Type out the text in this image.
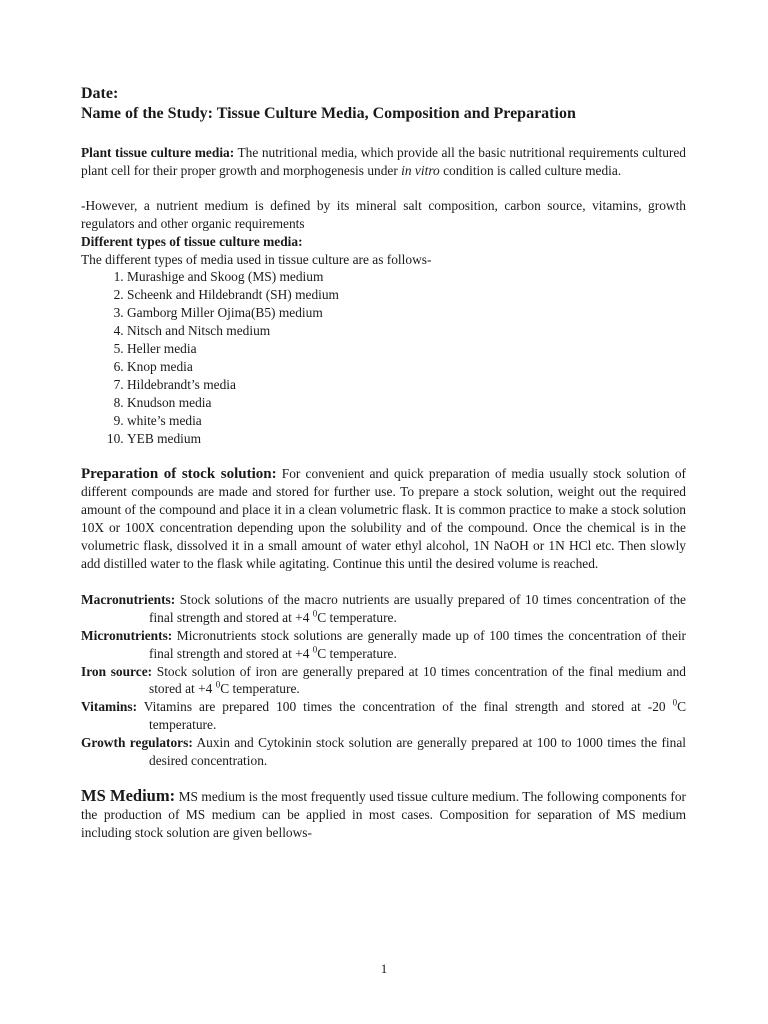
Date:

Name of the Study: Tissue Culture Media, Composition and Preparation

Plant tissue culture media: The nutritional media, which provide all the basic nutritional requirements cultured plant cell for their proper growth and morphogenesis under in vitro condition is called culture media.

-However, a nutrient medium is defined by its mineral salt composition, carbon source, vitamins, growth regulators and other organic requirements

Different types of tissue culture media:

The different types of media used in tissue culture are as follows-

1. Murashige and Skoog (MS) medium
2. Scheenk and Hildebrandt (SH) medium
3. Gamborg Miller Ojima(B5) medium
4. Nitsch and Nitsch medium
5. Heller media
6. Knop media
7. Hildebrandt’s media
8. Knudson media
9. white’s media
10. YEB medium

Preparation of stock solution: For convenient and quick preparation of media usually stock solution of different compounds are made and stored for further use. To prepare a stock solution, weight out the required amount of the compound and place it in a clean volumetric flask. It is common practice to make a stock solution 10X or 100X concentration depending upon the solubility and of the compound. Once the chemical is in the volumetric flask, dissolved it in a small amount of water ethyl alcohol, 1N NaOH or 1N HCl etc. Then slowly add distilled water to the flask while agitating. Continue this until the desired volume is reached.

Macronutrients: Stock solutions of the macro nutrients are usually prepared of 10 times concentration of the final strength and stored at +4 $^0$C temperature.

Micronutrients: Micronutrients stock solutions are generally made up of 100 times the concentration of their final strength and stored at +4 $^0$C temperature.

Iron source: Stock solution of iron are generally prepared at 10 times concentration of the final medium and stored at +4 $^0$C temperature.

Vitamins: Vitamins are prepared 100 times the concentration of the final strength and stored at -20 $^0$C temperature.

Growth regulators: Auxin and Cytokinin stock solution are generally prepared at 100 to 1000 times the final desired concentration.

MS Medium: MS medium is the most frequently used tissue culture medium. The following components for the production of MS medium can be applied in most cases. Composition for separation of MS medium including stock solution are given bellows-

1
